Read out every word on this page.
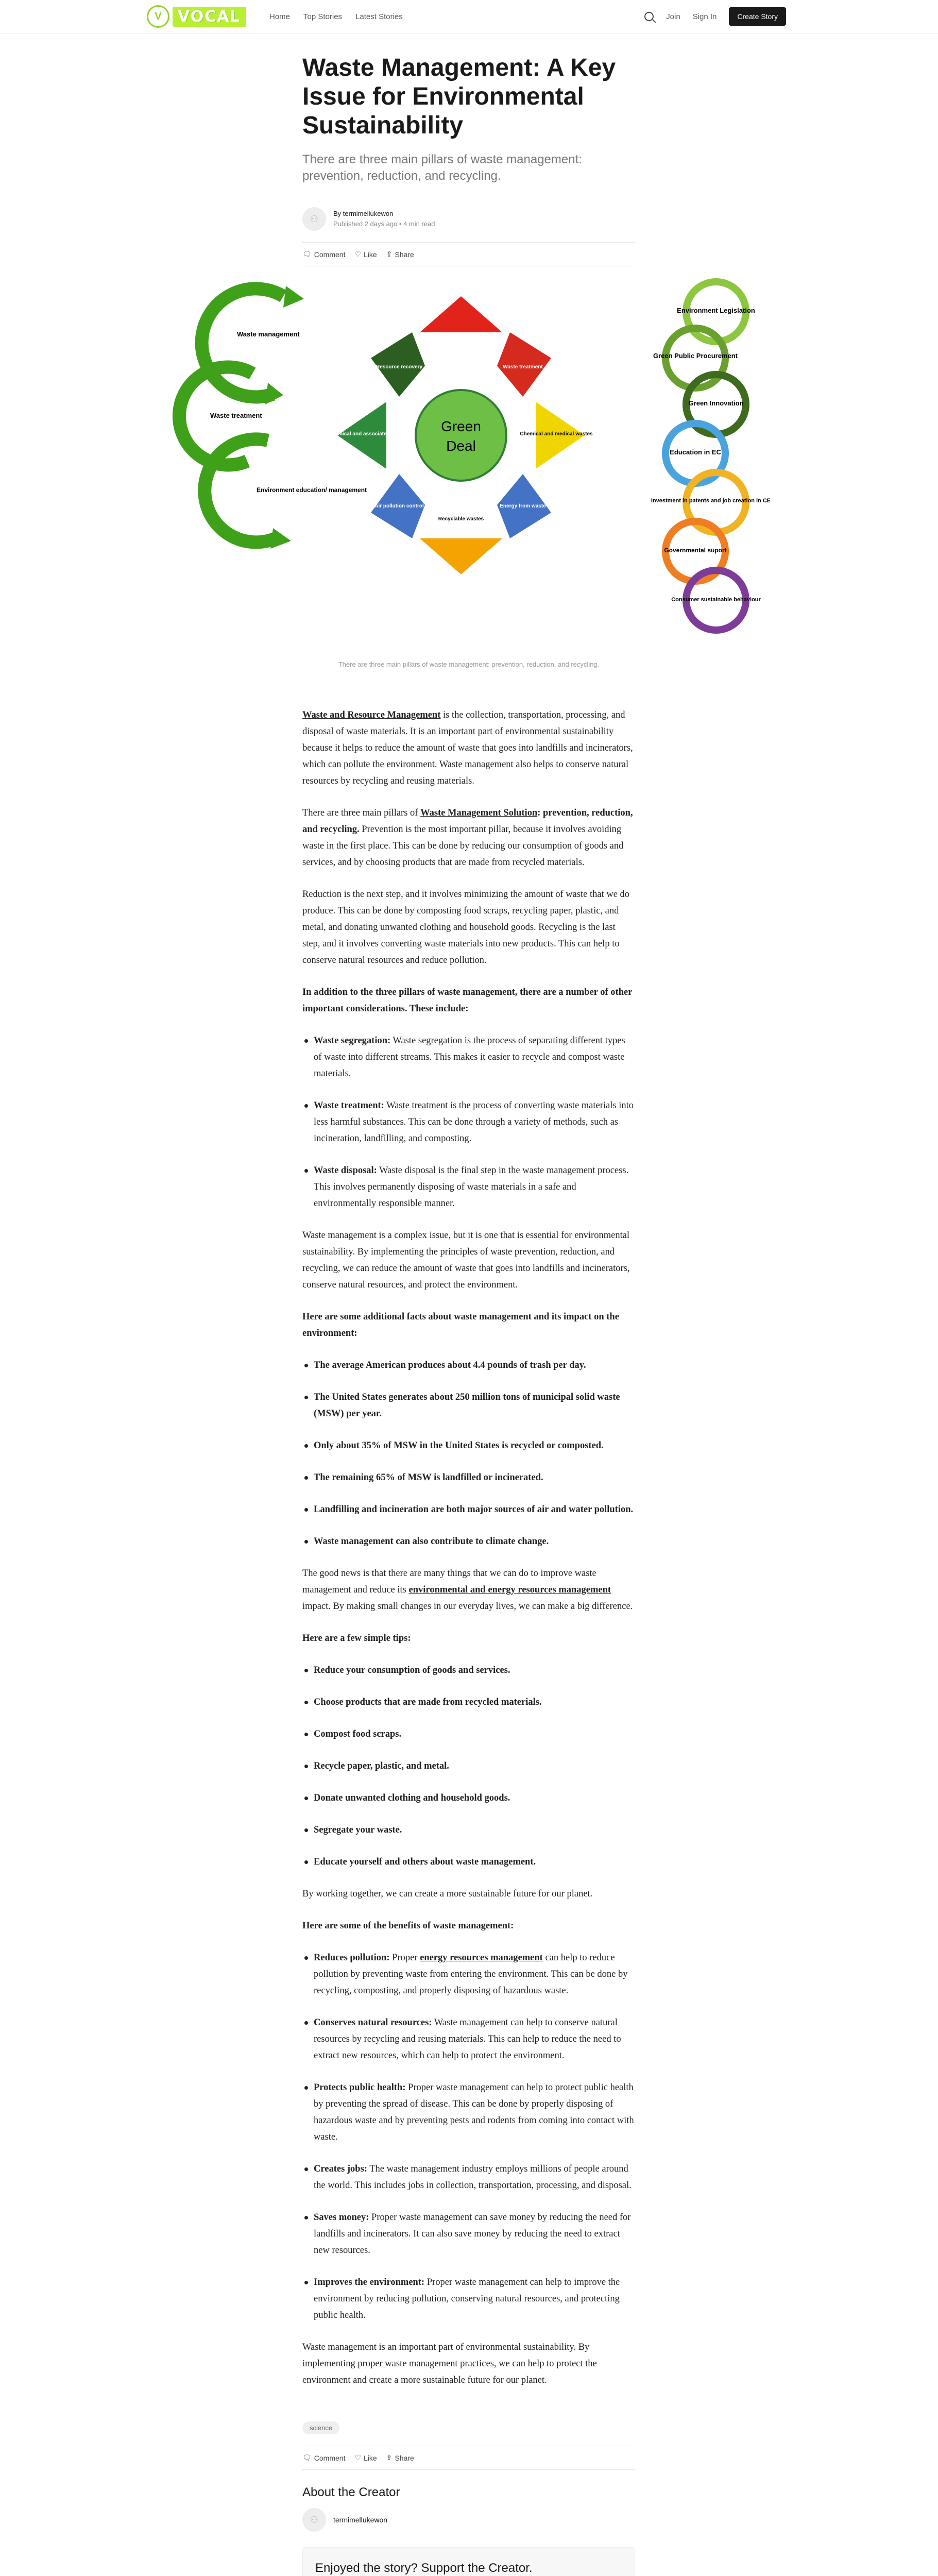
V	VOCAL	Home Top Stories Latest Stories	Join Sign In	Create Story
Waste Management: A Key Issue for Environmental Sustainability

There are three main pillars of waste management: prevention, reduction, and recycling.

⚇	By termimellukewon
Published 2 days ago • 4 min read
🗨 Comment ♡ Like ⇪ Share
Waste management
Waste treatment
Environment education/ management
Green
Deal
Pollution control
Waste treatment
Chemical and medical wastes
Energy from waste
Recyclable wastes
Air pollution control
Chemical and associated wastes
Resource recovery
Environment Legislation
Green Public Procurement
Green Innovation
Education in EC
Investment in patents and job creation in CE
Governmental suport
Consumer sustainable behaviour
There are three main pillars of waste management: prevention, reduction, and recycling.

Waste and Resource Management is the collection, transportation, processing, and disposal of waste materials. It is an important part of environmental sustainability because it helps to reduce the amount of waste that goes into landfills and incinerators, which can pollute the environment. Waste management also helps to conserve natural resources by recycling and reusing materials.

There are three main pillars of Waste Management Solution: prevention, reduction, and recycling. Prevention is the most important pillar, because it involves avoiding waste in the first place. This can be done by reducing our consumption of goods and services, and by choosing products that are made from recycled materials.

Reduction is the next step, and it involves minimizing the amount of waste that we do produce. This can be done by composting food scraps, recycling paper, plastic, and metal, and donating unwanted clothing and household goods. Recycling is the last step, and it involves converting waste materials into new products. This can help to conserve natural resources and reduce pollution.

In addition to the three pillars of waste management, there are a number of other important considerations. These include:

Waste segregation: Waste segregation is the process of separating different types of waste into different streams. This makes it easier to recycle and compost waste materials.
Waste treatment: Waste treatment is the process of converting waste materials into less harmful substances. This can be done through a variety of methods, such as incineration, landfilling, and composting.
Waste disposal: Waste disposal is the final step in the waste management process. This involves permanently disposing of waste materials in a safe and environmentally responsible manner.

Waste management is a complex issue, but it is one that is essential for environmental sustainability. By implementing the principles of waste prevention, reduction, and recycling, we can reduce the amount of waste that goes into landfills and incinerators, conserve natural resources, and protect the environment.

Here are some additional facts about waste management and its impact on the environment:

The average American produces about 4.4 pounds of trash per day.
The United States generates about 250 million tons of municipal solid waste (MSW) per year.
Only about 35% of MSW in the United States is recycled or composted.
The remaining 65% of MSW is landfilled or incinerated.
Landfilling and incineration are both major sources of air and water pollution.
Waste management can also contribute to climate change.

The good news is that there are many things that we can do to improve waste management and reduce its environmental and energy resources management impact. By making small changes in our everyday lives, we can make a big difference.

Here are a few simple tips:

Reduce your consumption of goods and services.
Choose products that are made from recycled materials.
Compost food scraps.
Recycle paper, plastic, and metal.
Donate unwanted clothing and household goods.
Segregate your waste.
Educate yourself and others about waste management.

By working together, we can create a more sustainable future for our planet.

Here are some of the benefits of waste management:

Reduces pollution: Proper energy resources management can help to reduce pollution by preventing waste from entering the environment. This can be done by recycling, composting, and properly disposing of hazardous waste.
Conserves natural resources: Waste management can help to conserve natural resources by recycling and reusing materials. This can help to reduce the need to extract new resources, which can help to protect the environment.
Protects public health: Proper waste management can help to protect public health by preventing the spread of disease. This can be done by properly disposing of hazardous waste and by preventing pests and rodents from coming into contact with waste.
Creates jobs: The waste management industry employs millions of people around the world. This includes jobs in collection, transportation, processing, and disposal.
Saves money: Proper waste management can save money by reducing the need for landfills and incinerators. It can also save money by reducing the need to extract new resources.
Improves the environment: Proper waste management can help to improve the environment by reducing pollution, conserving natural resources, and protecting public health.

Waste management is an important part of environmental sustainability. By implementing proper waste management practices, we can help to protect the environment and create a more sustainable future for our planet.

science
🗨 Comment ♡ Like ⇪ Share
About the Creator
⚇	termimellukewon
Enjoyed the story? Support the Creator.
